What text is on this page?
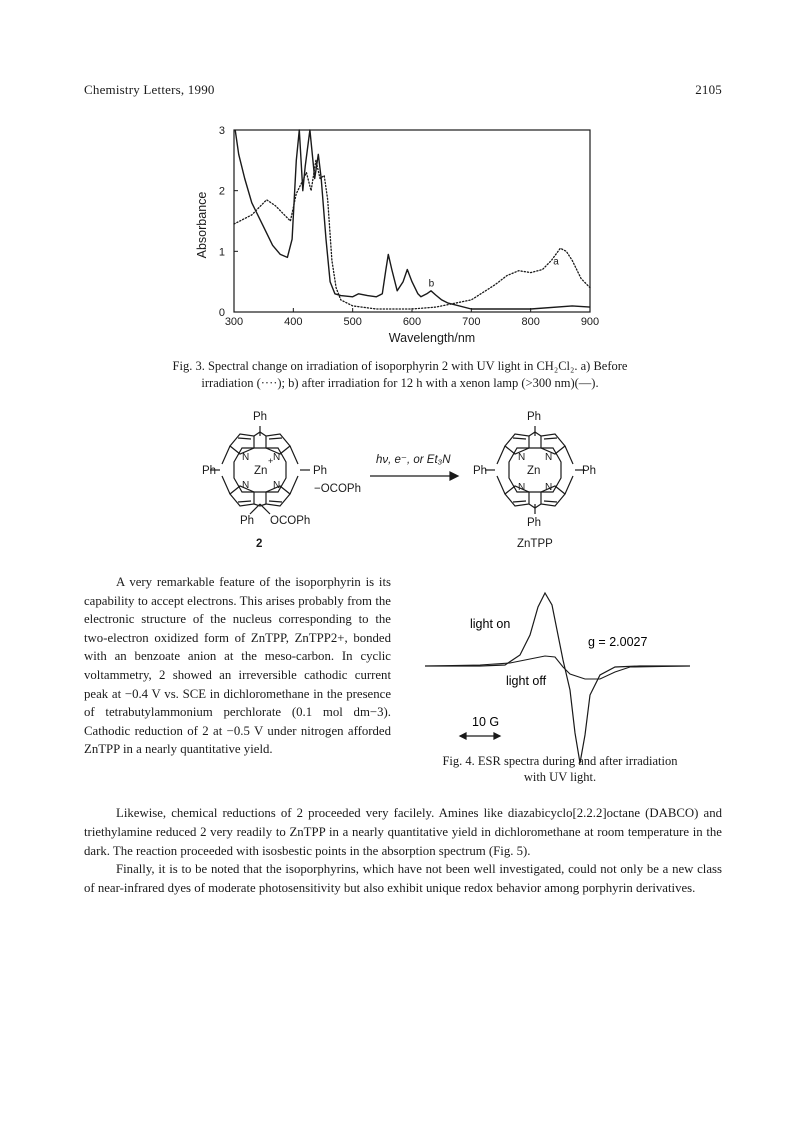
Chemistry Letters, 1990	2105
300	400	500	600	700	800	900
0
1
2
3
a
b
Wavelength/nm
Absorbance
Fig. 3. Spectral change on irradiation of isoporphyrin 2 with UV light in CH₂Cl₂. a) Before
irradiation (····); b) after irradiation for 12 h with a xenon lamp (>300 nm)(—).
Ph
Ph	Ph
Ph OCOPh
Zn
+
N N
N N	−OCOPh
2
hν, e⁻, or Et₃N
Ph
Ph	Ph
Ph
Zn
N N
N N
ZnTPP

A very remarkable feature of the isoporphyrin is its capability to accept electrons. This arises probably from the electronic structure of the nucleus corresponding to the two-electron oxidized form of ZnTPP, ZnTPP2+, bonded with an benzoate anion at the meso-carbon. In cyclic voltammetry, 2 showed an irreversible cathodic current peak at −0.4 V vs. SCE in dichloromethane in the presence of tetrabutylammonium perchlorate (0.1 mol dm−3). Cathodic reduction of 2 at −0.5 V under nitrogen afforded ZnTPP in a nearly quantitative yield.

light on
light off
g = 2.0027
10 G
Fig. 4. ESR spectra during and after irradiation
with UV light.

Likewise, chemical reductions of 2 proceeded very facilely. Amines like diazabicyclo[2.2.2]octane (DABCO) and triethylamine reduced 2 very readily to ZnTPP in a nearly quantitative yield in dichloromethane at room temperature in the dark. The reaction proceeded with isosbestic points in the absorption spectrum (Fig. 5).

Finally, it is to be noted that the isoporphyrins, which have not been well investigated, could not only be a new class of near-infrared dyes of moderate photosensitivity but also exhibit unique redox behavior among porphyrin derivatives.
